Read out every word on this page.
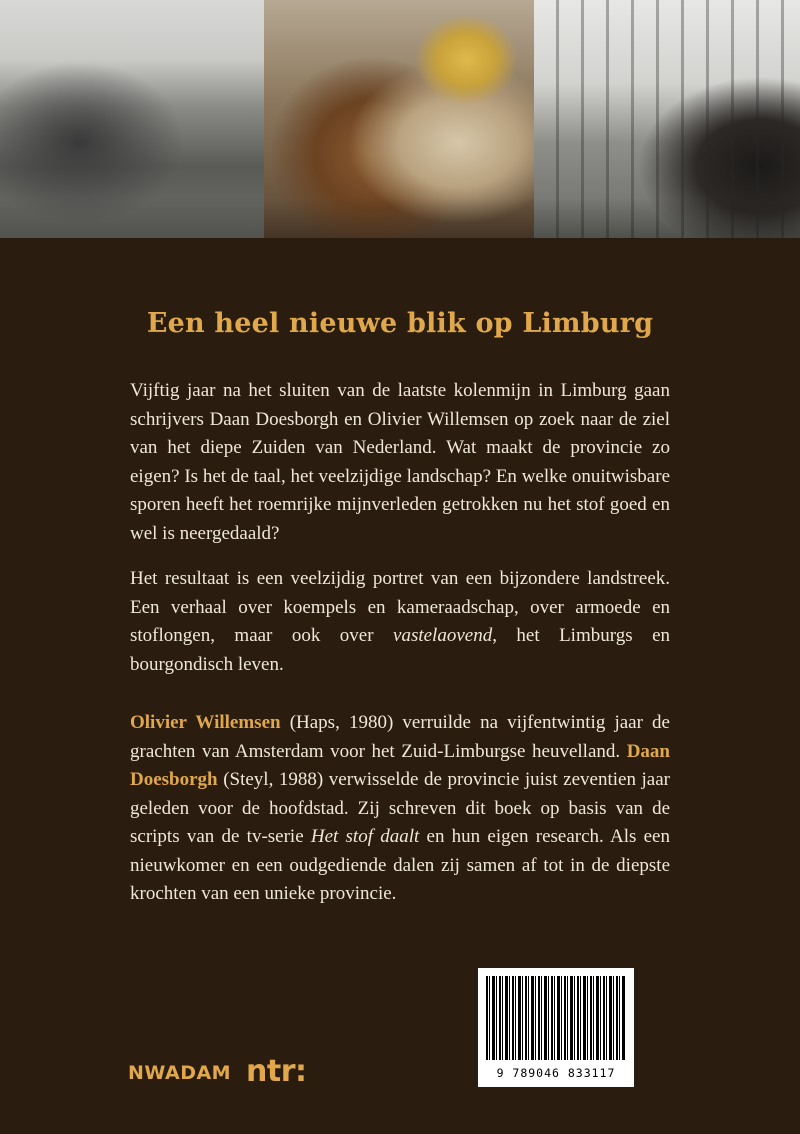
Een heel nieuwe blik op Limburg

Vijftig jaar na het sluiten van de laatste kolenmijn in Limburg gaan schrijvers Daan Doesborgh en Olivier Willemsen op zoek naar de ziel van het diepe Zuiden van Nederland. Wat maakt de provincie zo eigen? Is het de taal, het veelzijdige landschap? En welke onuitwisbare sporen heeft het roemrijke mijnverleden getrokken nu het stof goed en wel is neergedaald?

Het resultaat is een veelzijdig portret van een bijzondere landstreek. Een verhaal over koempels en kameraadschap, over armoede en stoflongen, maar ook over vastelaovend, het Limburgs en bourgondisch leven.

Olivier Willemsen (Haps, 1980) verruilde na vijfentwintig jaar de grachten van Amsterdam voor het Zuid-Limburgse heuvelland. Daan Doesborgh (Steyl, 1988) verwisselde de provincie juist zeventien jaar geleden voor de hoofdstad. Zij schreven dit boek op basis van de scripts van de tv-serie Het stof daalt en hun eigen research. Als een nieuwkomer en een oudgediende dalen zij samen af tot in de diepste krochten van een unieke provincie.

NWADAM ntr:	9 789046 833117
